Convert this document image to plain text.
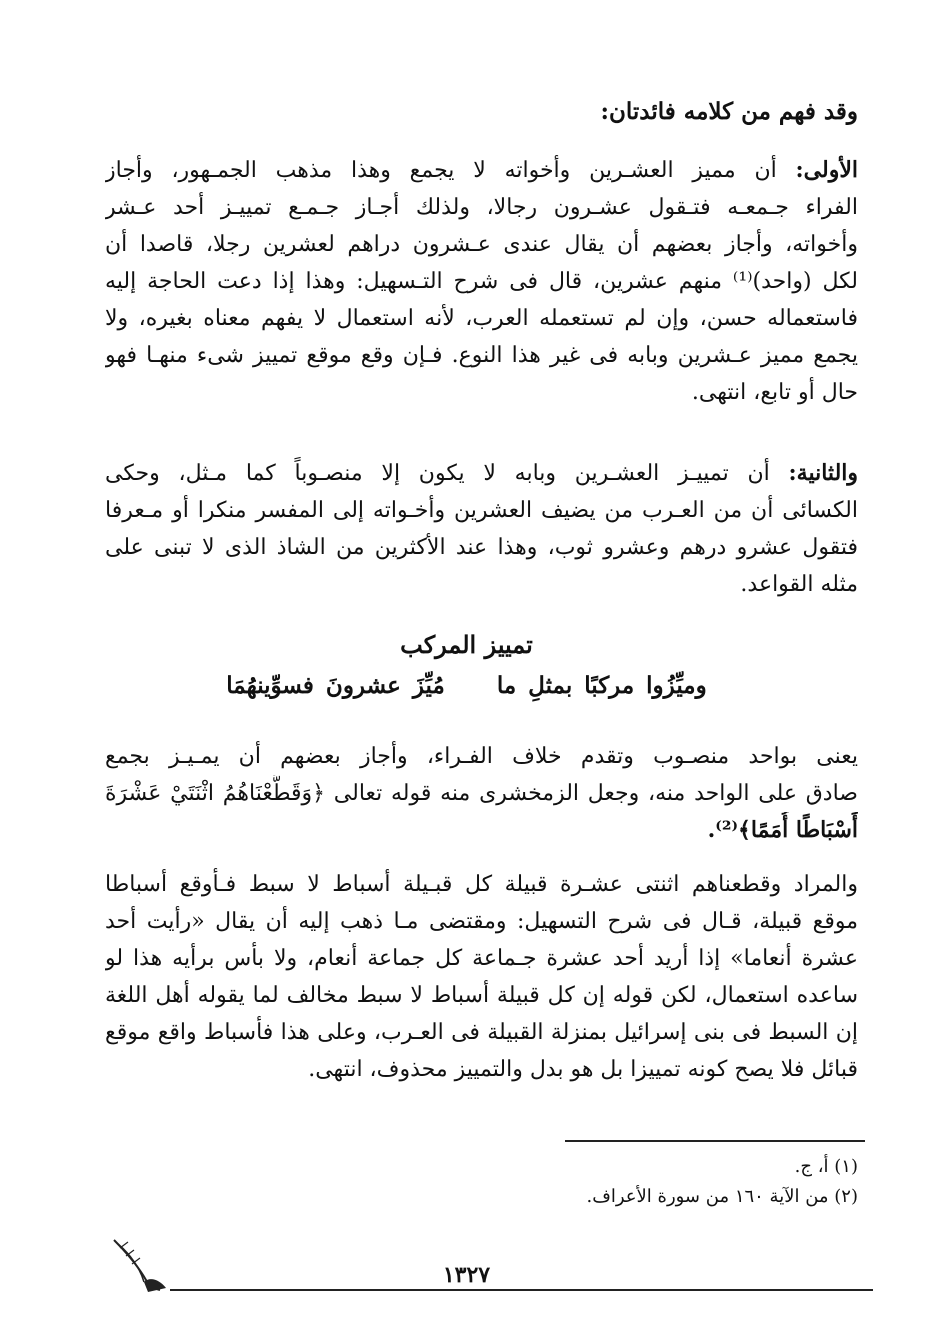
وقد فهم من كلامه فائدتان:
الأولى: أن مميز العشـرين وأخواته لا يجمع وهذا مذهب الجمـهور، وأجاز
الفراء جـمعـه فتـقول عشـرون رجالا، ولذلك أجـاز جـمـع تمييـز أحد عـشر
وأخواته، وأجاز بعضهم أن يقال عندى عـشرون دراهم لعشرين رجلا، قاصدا أن
لكل (واحد)⁽¹⁾ منهم عشرين، قال فى شرح التـسهيل: وهذا إذا دعت الحاجة إليه
فاستعماله حسن، وإن لم تستعمله العرب، لأنه استعمال لا يفهم معناه بغيره، ولا
يجمع مميز عـشرين وبابه فى غير هذا النوع. فـإن وقع موقع تمييز شىء منهـا فهو
حال أو تابع، انتهى.
والثانية: أن تمييـز العشـرين وبابه لا يكون إلا منصـوباً كما مـثل، وحكى
الكسائى أن من العـرب من يضيف العشرين وأخـواته إلى المفسر منكرا أو مـعرفا
فتقول عشرو درهم وعشرو ثوب، وهذا عند الأكثرين من الشاذ الذى لا تبنى على
مثله القواعد.
تمييز المركب
وميِّزُوا مركبًا بمثلِ ما مُيِّزَ عشرونَ فسوِّينهُمَا
يعنى بواحد منصـوب وتقدم خلاف الفـراء، وأجاز بعضهم أن يمـيـز بجمع
صادق على الواحد منه، وجعل الزمخشرى منه قوله تعالى ﴿وَقَطَّعْنَاهُمُ اثْنَتَيْ عَشْرَةَ
أَسْبَاطًا أُمَمًا﴾⁽²⁾.
والمراد وقطعناهم اثنتى عشـرة قبيلة كل قبـيلة أسباط لا سبط فـأوقع أسباطا
موقع قبيلة، قـال فى شرح التسهيل: ومقتضى مـا ذهب إليه أن يقال «رأيت أحد
عشرة أنعاما» إذا أريد أحد عشرة جـماعة كل جماعة أنعام، ولا بأس برأيه هذا لو
ساعده استعمال، لكن قوله إن كل قبيلة أسباط لا سبط مخالف لما يقوله أهل اللغة
إن السبط فى بنى إسرائيل بمنزلة القبيلة فى العـرب، وعلى هذا فأسباط واقع موقع
قبائل فلا يصح كونه تمييزا بل هو بدل والتمييز محذوف، انتهى.
(١) أ، ج.
(٢) من الآية ١٦٠ من سورة الأعراف.
١٣٢٧
